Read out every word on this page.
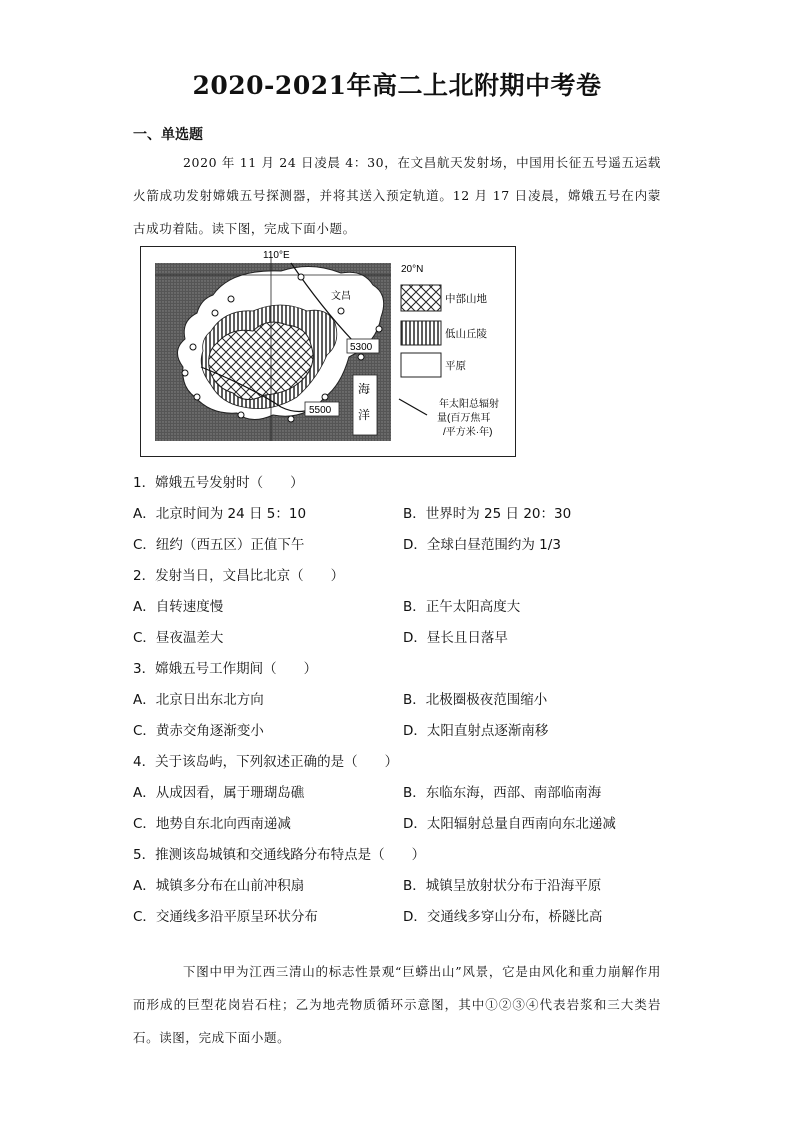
2020-2021年高二上北附期中考卷
一、单选题
2020 年 11 月 24 日凌晨 4：30，在文昌航天发射场，中国用长征五号遥五运载火箭成功发射嫦娥五号探测器，并将其送入预定轨道。12 月 17 日凌晨，嫦娥五号在内蒙古成功着陆。读下图，完成下面小题。
110°E
20°N
5300
5500
文昌
海
洋
中部山地
低山丘陵
平原
年太阳总辐射
量(百万焦耳
/平方米·年)
1．嫦娥五号发射时（　　）
A．北京时间为 24 日 5：10	B．世界时为 25 日 20：30
C．纽约（西五区）正值下午	D．全球白昼范围约为 1/3
2．发射当日，文昌比北京（　　）
A．自转速度慢	B．正午太阳高度大
C．昼夜温差大	D．昼长且日落早
3．嫦娥五号工作期间（　　）
A．北京日出东北方向	B．北极圈极夜范围缩小
C．黄赤交角逐渐变小	D．太阳直射点逐渐南移
4．关于该岛屿，下列叙述正确的是（　　）
A．从成因看，属于珊瑚岛礁	B．东临东海，西部、南部临南海
C．地势自东北向西南递减	D．太阳辐射总量自西南向东北递减
5．推测该岛城镇和交通线路分布特点是（　　）
A．城镇多分布在山前冲积扇	B．城镇呈放射状分布于沿海平原
C．交通线多沿平原呈环状分布	D．交通线多穿山分布，桥隧比高
下图中甲为江西三清山的标志性景观“巨蟒出山”风景，它是由风化和重力崩解作用而形成的巨型花岗岩石柱；乙为地壳物质循环示意图，其中①②③④代表岩浆和三大类岩石。读图，完成下面小题。
